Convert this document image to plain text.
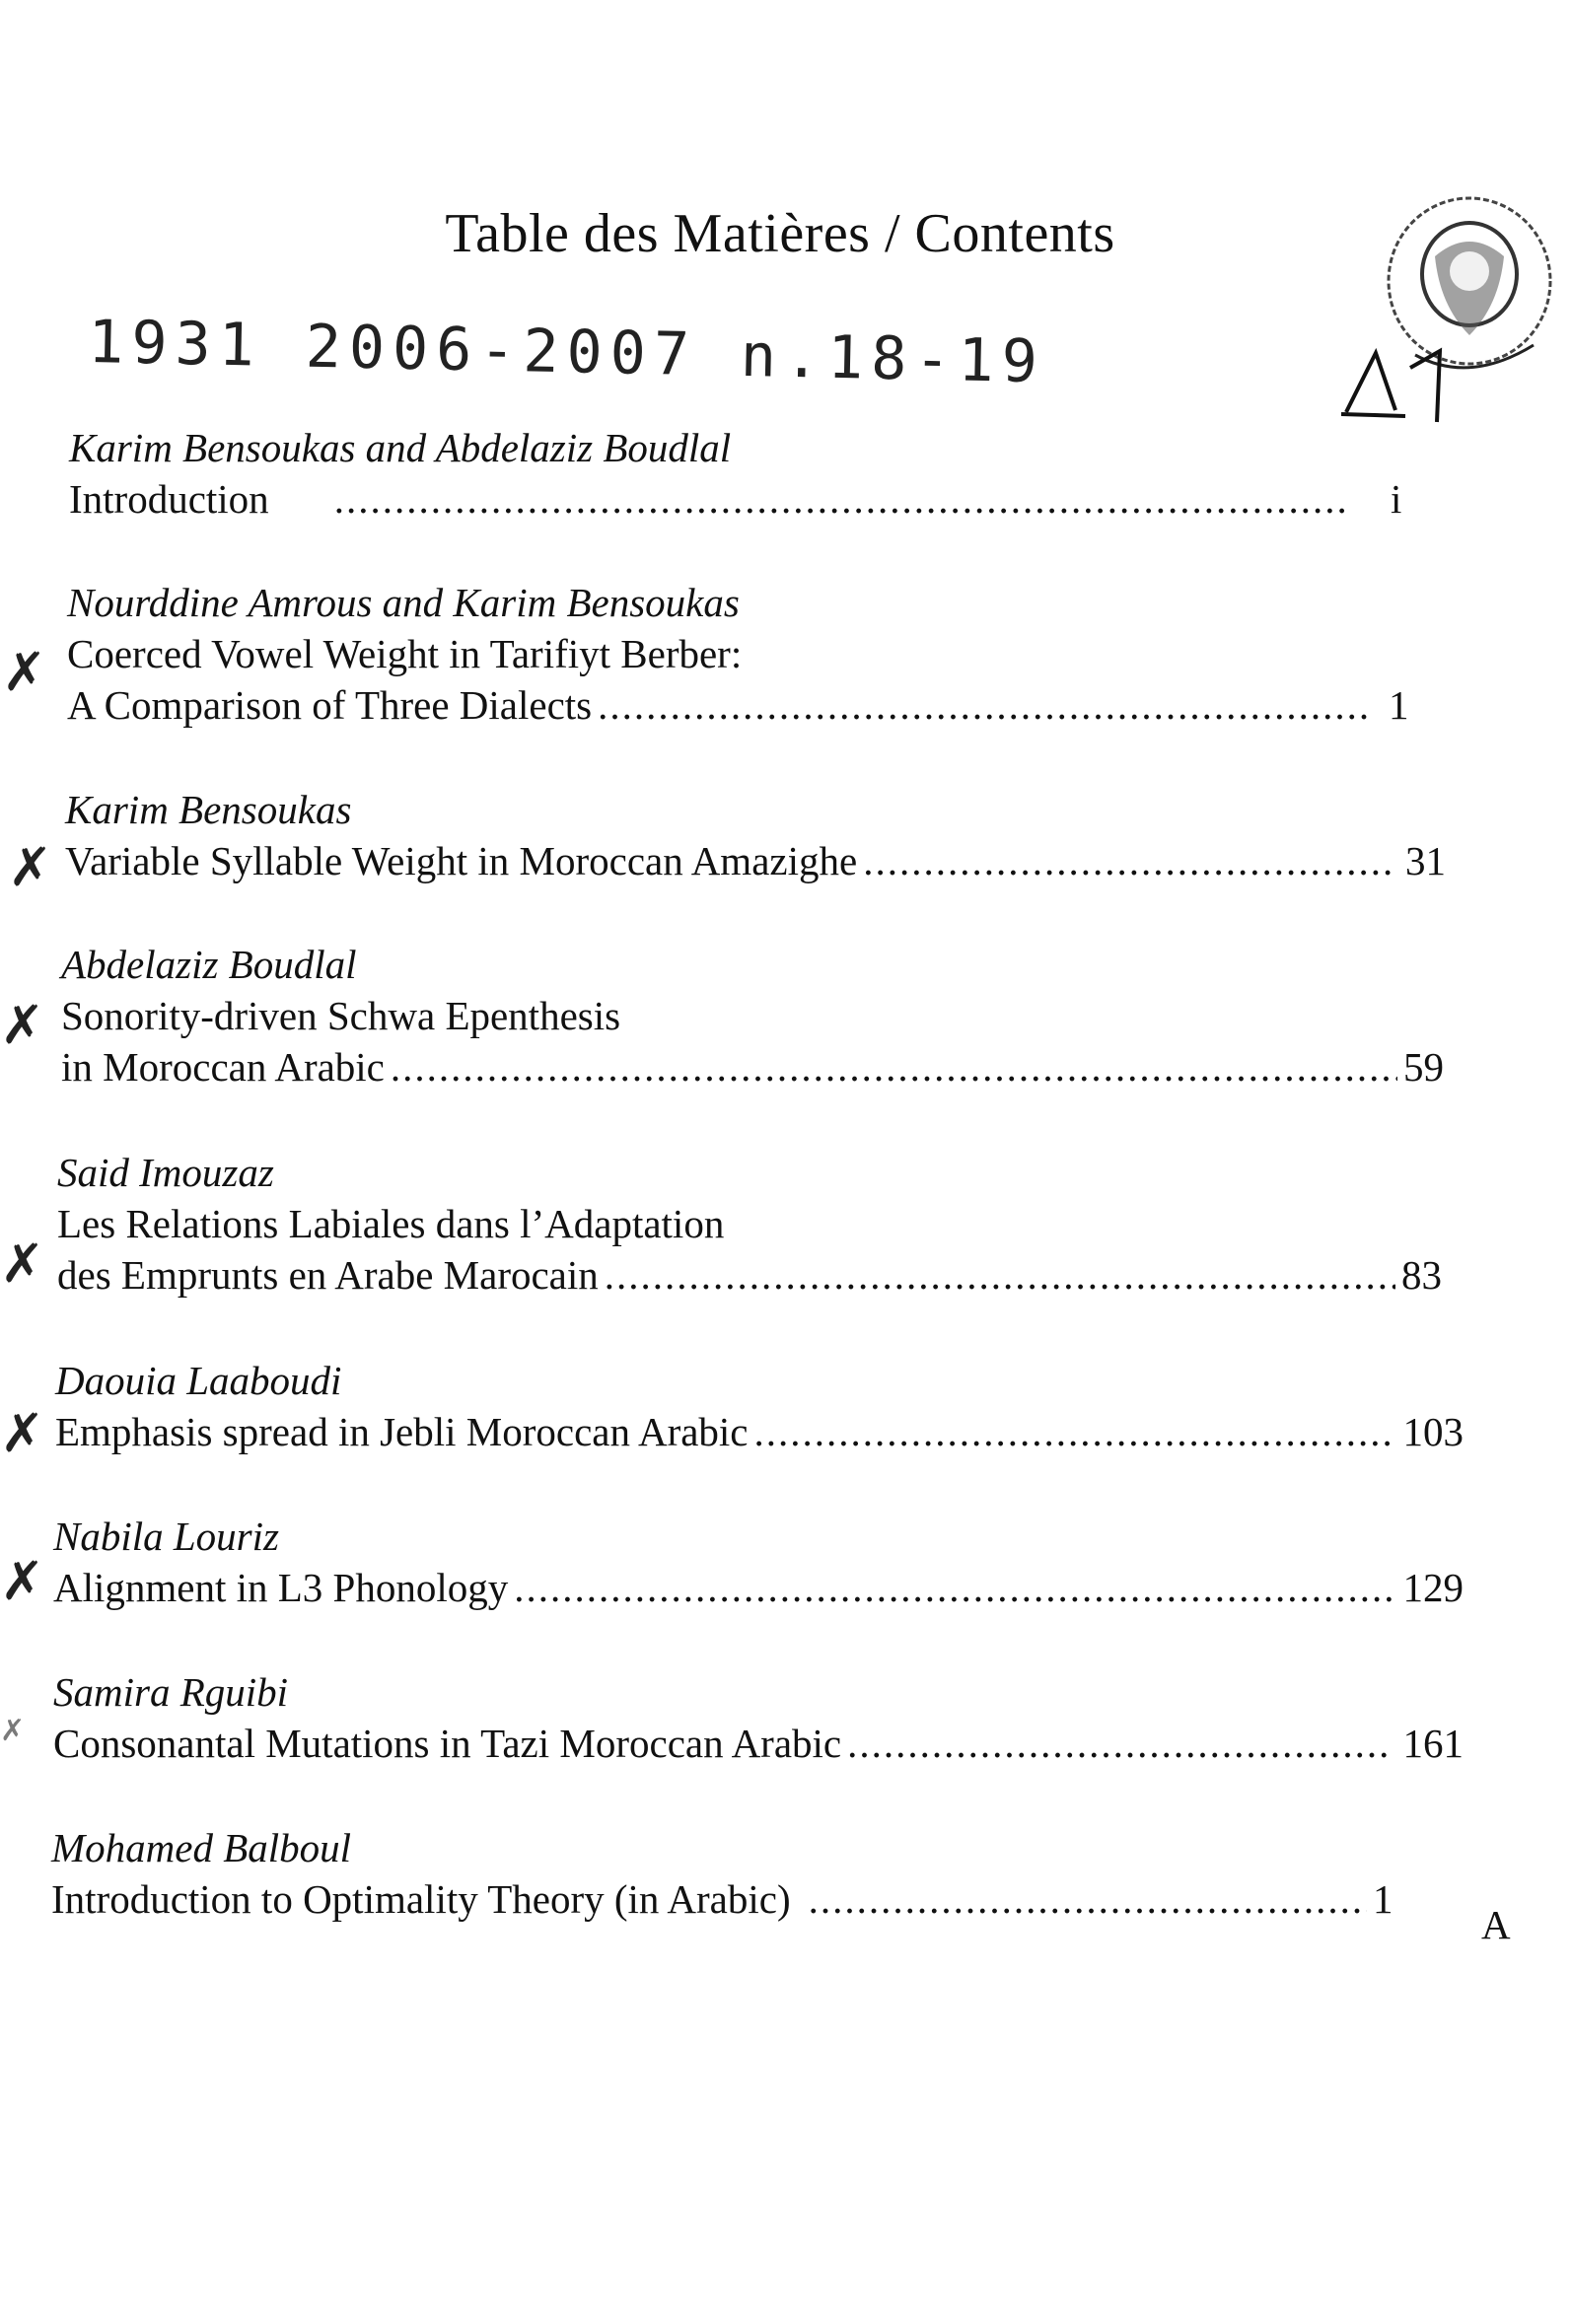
Table des Matières / Contents
1931 2006-2007 n.18-19
Karim Bensoukas and Abdelaziz Boudlal
Introduction .....	i
Nourddine Amrous and Karim Bensoukas
Coerced Vowel Weight in Tarifiyt Berber:
A Comparison of Three Dialects .....	1
Karim Bensoukas
Variable Syllable Weight in Moroccan Amazighe .....	31
Abdelaziz Boudlal
Sonority-driven Schwa Epenthesis
in Moroccan Arabic .....	59
Said Imouzaz
Les Relations Labiales dans l’Adaptation
des Emprunts en Arabe Marocain .....	83
Daouia Laaboudi
Emphasis spread in Jebli Moroccan Arabic .....	103
Nabila Louriz
Alignment in L3 Phonology .....	129
Samira Rguibi
Consonantal Mutations in Tazi Moroccan Arabic .....	161
Mohamed Balboul
Introduction to Optimality Theory (in Arabic) .....	1
A
✗
✗
✗
✗
✗
✗
✗
